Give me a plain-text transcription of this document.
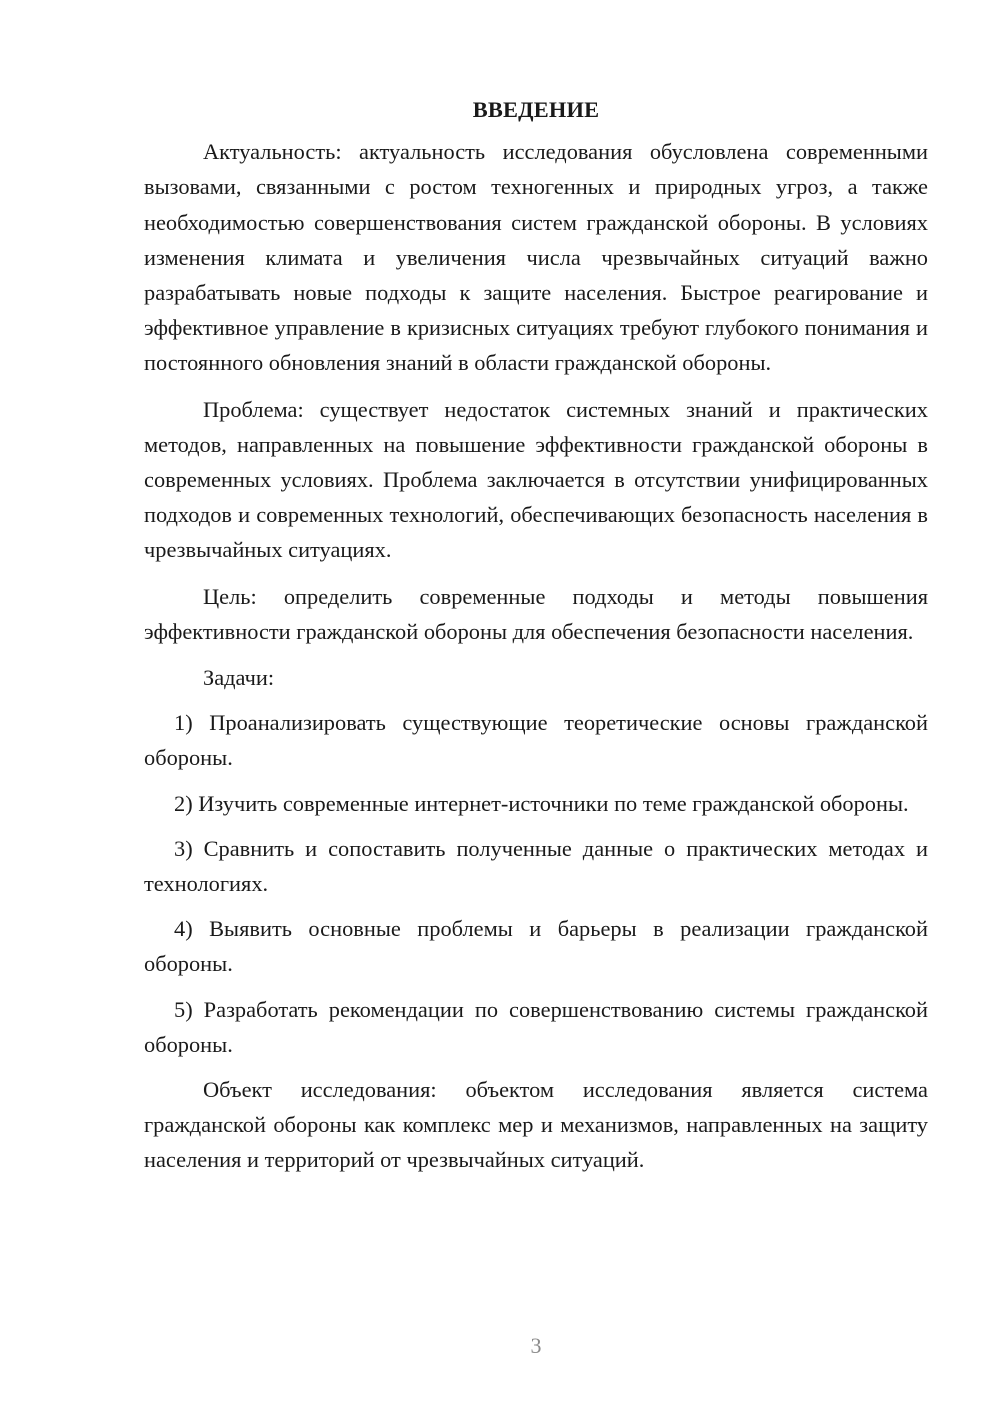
ВВЕДЕНИЕ

Актуальность: актуальность исследования обусловлена современными вызовами, связанными с ростом техногенных и природных угроз, а также необходимостью совершенствования систем гражданской обороны. В условиях изменения климата и увеличения числа чрезвычайных ситуаций важно разрабатывать новые подходы к защите населения. Быстрое реагирование и эффективное управление в кризисных ситуациях требуют глубокого понимания и постоянного обновления знаний в области гражданской обороны.

Проблема: существует недостаток системных знаний и практических методов, направленных на повышение эффективности гражданской обороны в современных условиях. Проблема заключается в отсутствии унифицированных подходов и современных технологий, обеспечивающих безопасность населения в чрезвычайных ситуациях.

Цель: определить современные подходы и методы повышения эффективности гражданской обороны для обеспечения безопасности населения.

Задачи:

1) Проанализировать существующие теоретические основы гражданской обороны.

2) Изучить современные интернет-источники по теме гражданской обороны.

3) Сравнить и сопоставить полученные данные о практических методах и технологиях.

4) Выявить основные проблемы и барьеры в реализации гражданской обороны.

5) Разработать рекомендации по совершенствованию системы гражданской обороны.

Объект исследования: объектом исследования является система гражданской обороны как комплекс мер и механизмов, направленных на защиту населения и территорий от чрезвычайных ситуаций.

3
